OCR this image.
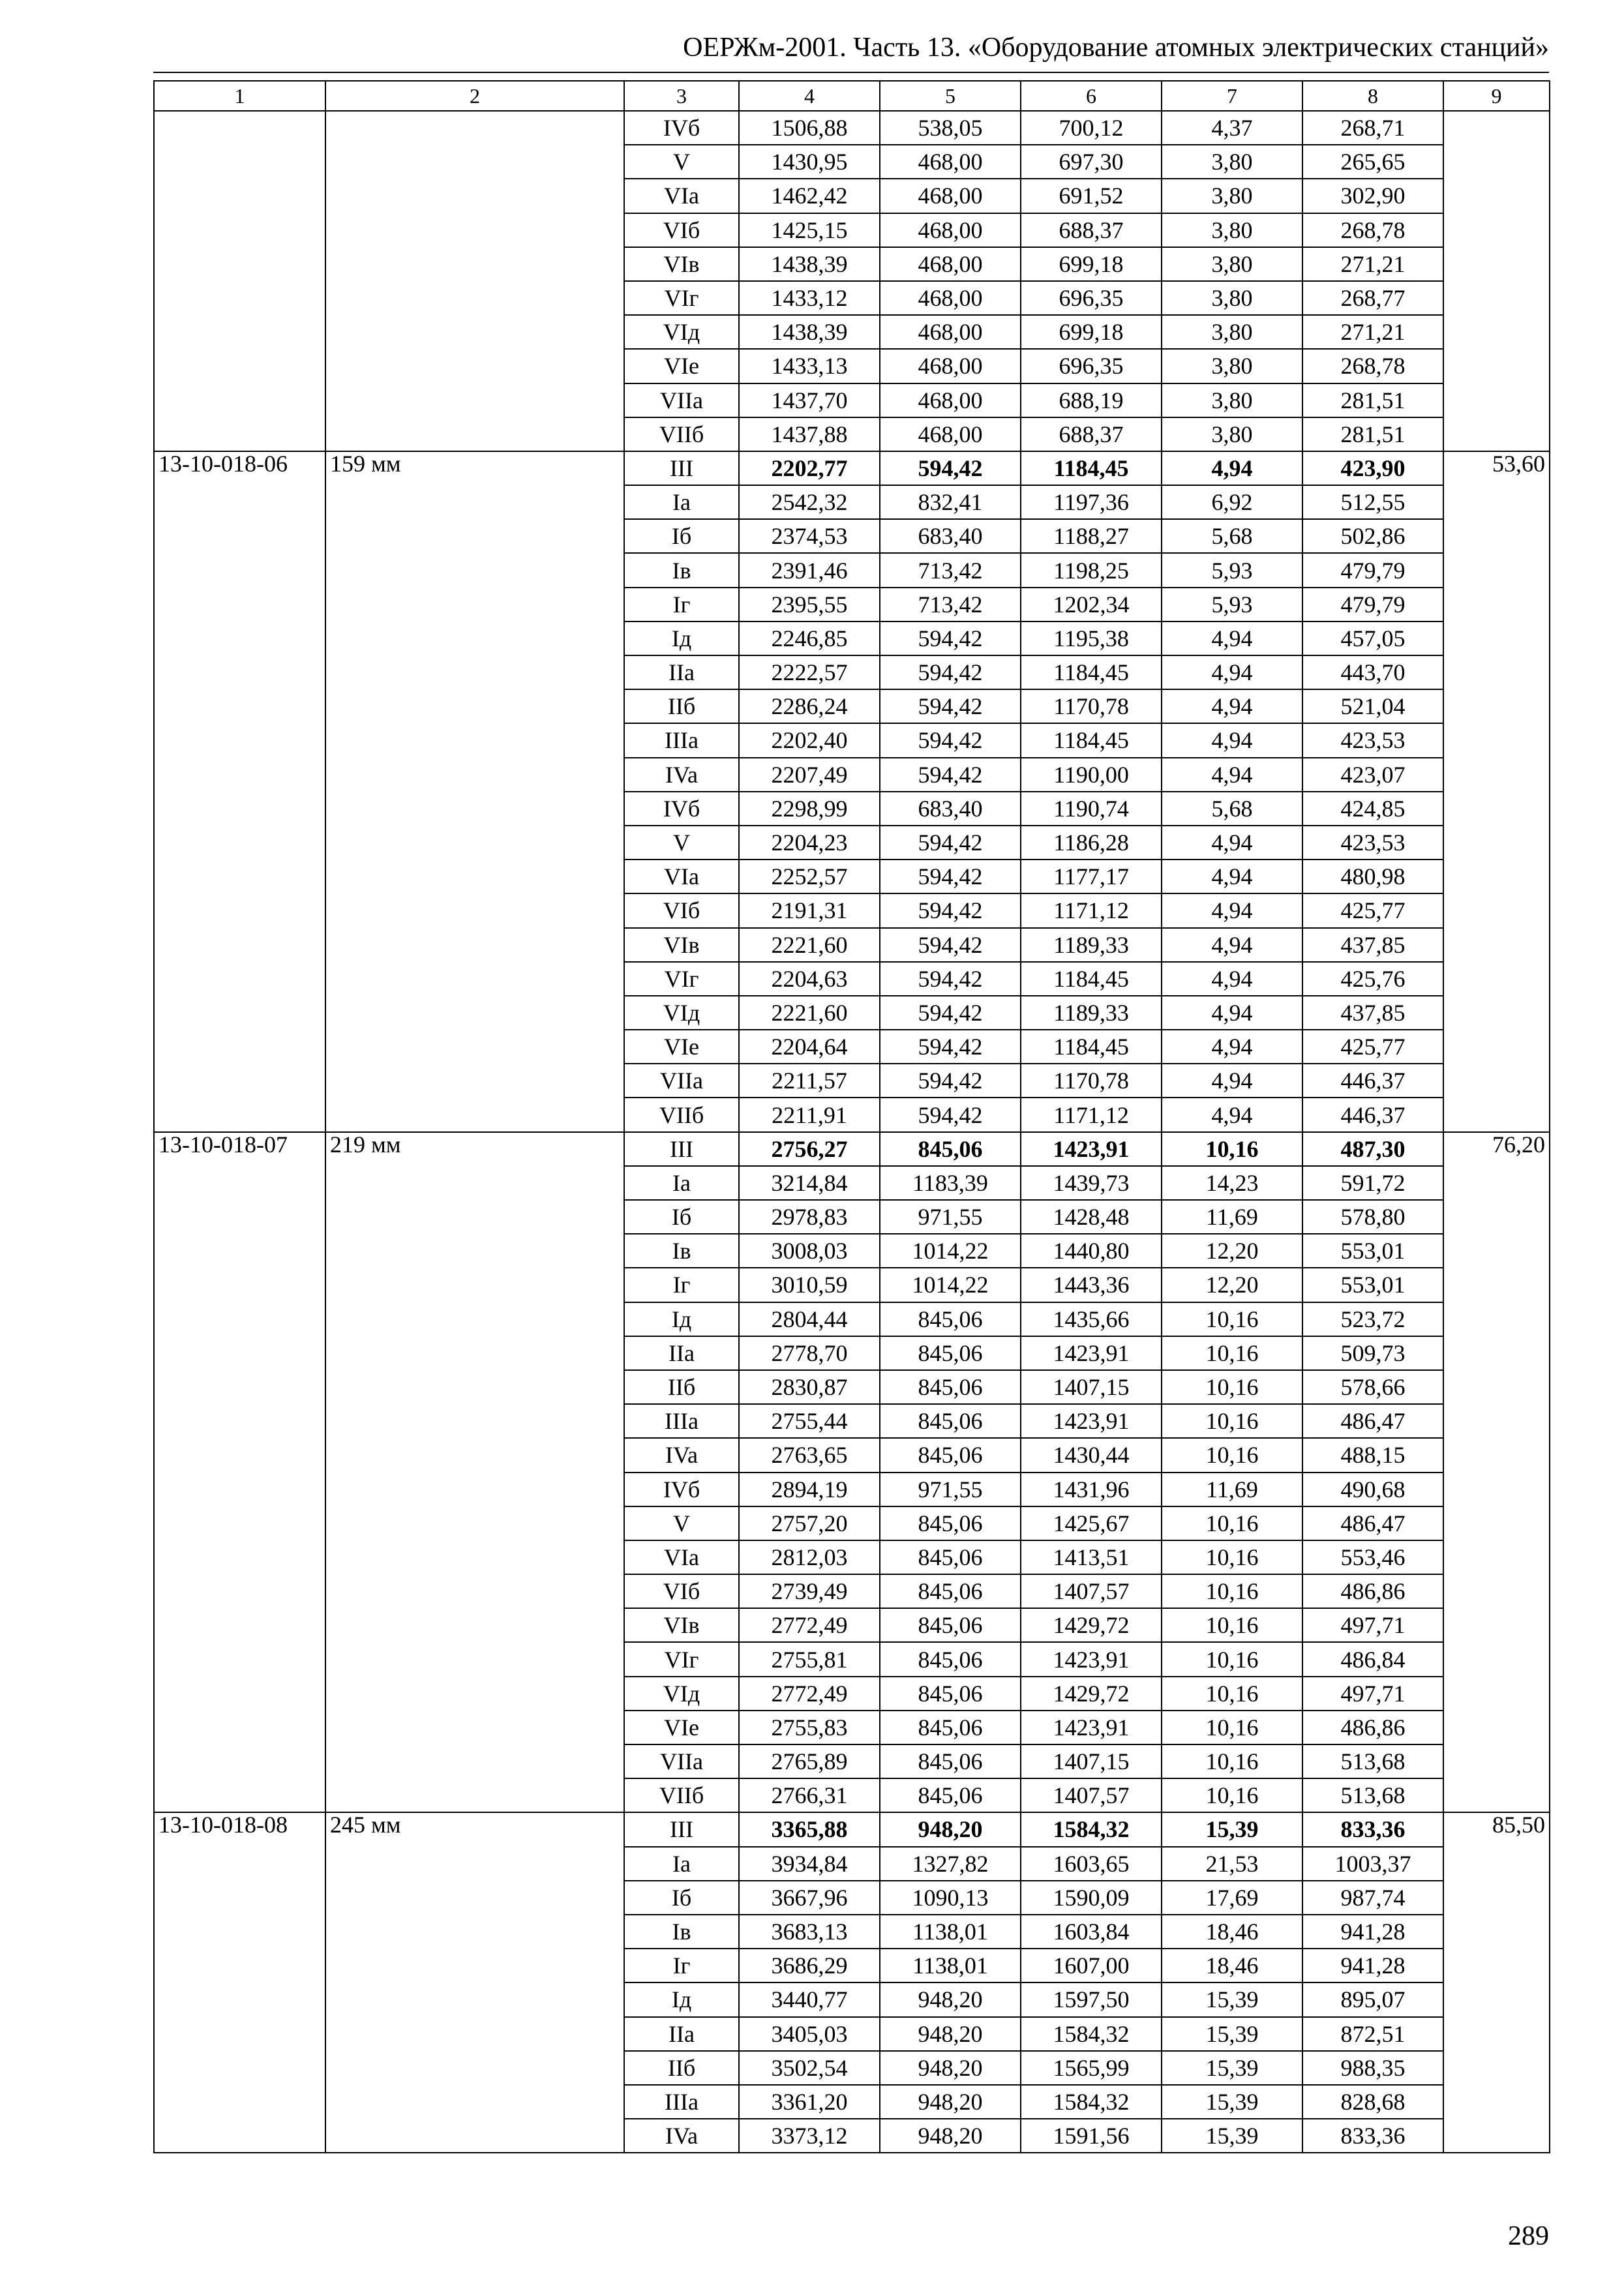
ОЕРЖм-2001. Часть 13. «Оборудование атомных электрических станций»
1	2	3	4	5	6	7	8	9
		IVб	1506,88	538,05	700,12	4,37	268,71	
		V	1430,95	468,00	697,30	3,80	265,65	
		VIa	1462,42	468,00	691,52	3,80	302,90	
		VIб	1425,15	468,00	688,37	3,80	268,78	
		VIв	1438,39	468,00	699,18	3,80	271,21	
		VIг	1433,12	468,00	696,35	3,80	268,77	
		VIд	1438,39	468,00	699,18	3,80	271,21	
		VIe	1433,13	468,00	696,35	3,80	268,78	
		VIIa	1437,70	468,00	688,19	3,80	281,51	
		VIIб	1437,88	468,00	688,37	3,80	281,51	
13-10-018-06	159 мм	III	2202,77	594,42	1184,45	4,94	423,90	53,60
		Ia	2542,32	832,41	1197,36	6,92	512,55	
		Iб	2374,53	683,40	1188,27	5,68	502,86	
		Iв	2391,46	713,42	1198,25	5,93	479,79	
		Iг	2395,55	713,42	1202,34	5,93	479,79	
		Iд	2246,85	594,42	1195,38	4,94	457,05	
		IIa	2222,57	594,42	1184,45	4,94	443,70	
		IIб	2286,24	594,42	1170,78	4,94	521,04	
		IIIa	2202,40	594,42	1184,45	4,94	423,53	
		IVa	2207,49	594,42	1190,00	4,94	423,07	
		IVб	2298,99	683,40	1190,74	5,68	424,85	
		V	2204,23	594,42	1186,28	4,94	423,53	
		VIa	2252,57	594,42	1177,17	4,94	480,98	
		VIб	2191,31	594,42	1171,12	4,94	425,77	
		VIв	2221,60	594,42	1189,33	4,94	437,85	
		VIг	2204,63	594,42	1184,45	4,94	425,76	
		VIд	2221,60	594,42	1189,33	4,94	437,85	
		VIe	2204,64	594,42	1184,45	4,94	425,77	
		VIIa	2211,57	594,42	1170,78	4,94	446,37	
		VIIб	2211,91	594,42	1171,12	4,94	446,37	
13-10-018-07	219 мм	III	2756,27	845,06	1423,91	10,16	487,30	76,20
		Ia	3214,84	1183,39	1439,73	14,23	591,72	
		Iб	2978,83	971,55	1428,48	11,69	578,80	
		Iв	3008,03	1014,22	1440,80	12,20	553,01	
		Iг	3010,59	1014,22	1443,36	12,20	553,01	
		Iд	2804,44	845,06	1435,66	10,16	523,72	
		IIa	2778,70	845,06	1423,91	10,16	509,73	
		IIб	2830,87	845,06	1407,15	10,16	578,66	
		IIIa	2755,44	845,06	1423,91	10,16	486,47	
		IVa	2763,65	845,06	1430,44	10,16	488,15	
		IVб	2894,19	971,55	1431,96	11,69	490,68	
		V	2757,20	845,06	1425,67	10,16	486,47	
		VIa	2812,03	845,06	1413,51	10,16	553,46	
		VIб	2739,49	845,06	1407,57	10,16	486,86	
		VIв	2772,49	845,06	1429,72	10,16	497,71	
		VIг	2755,81	845,06	1423,91	10,16	486,84	
		VIд	2772,49	845,06	1429,72	10,16	497,71	
		VIe	2755,83	845,06	1423,91	10,16	486,86	
		VIIa	2765,89	845,06	1407,15	10,16	513,68	
		VIIб	2766,31	845,06	1407,57	10,16	513,68	
13-10-018-08	245 мм	III	3365,88	948,20	1584,32	15,39	833,36	85,50
		Ia	3934,84	1327,82	1603,65	21,53	1003,37	
		Iб	3667,96	1090,13	1590,09	17,69	987,74	
		Iв	3683,13	1138,01	1603,84	18,46	941,28	
		Iг	3686,29	1138,01	1607,00	18,46	941,28	
		Iд	3440,77	948,20	1597,50	15,39	895,07	
		IIa	3405,03	948,20	1584,32	15,39	872,51	
		IIб	3502,54	948,20	1565,99	15,39	988,35	
		IIIa	3361,20	948,20	1584,32	15,39	828,68	
		IVa	3373,12	948,20	1591,56	15,39	833,36	
289
